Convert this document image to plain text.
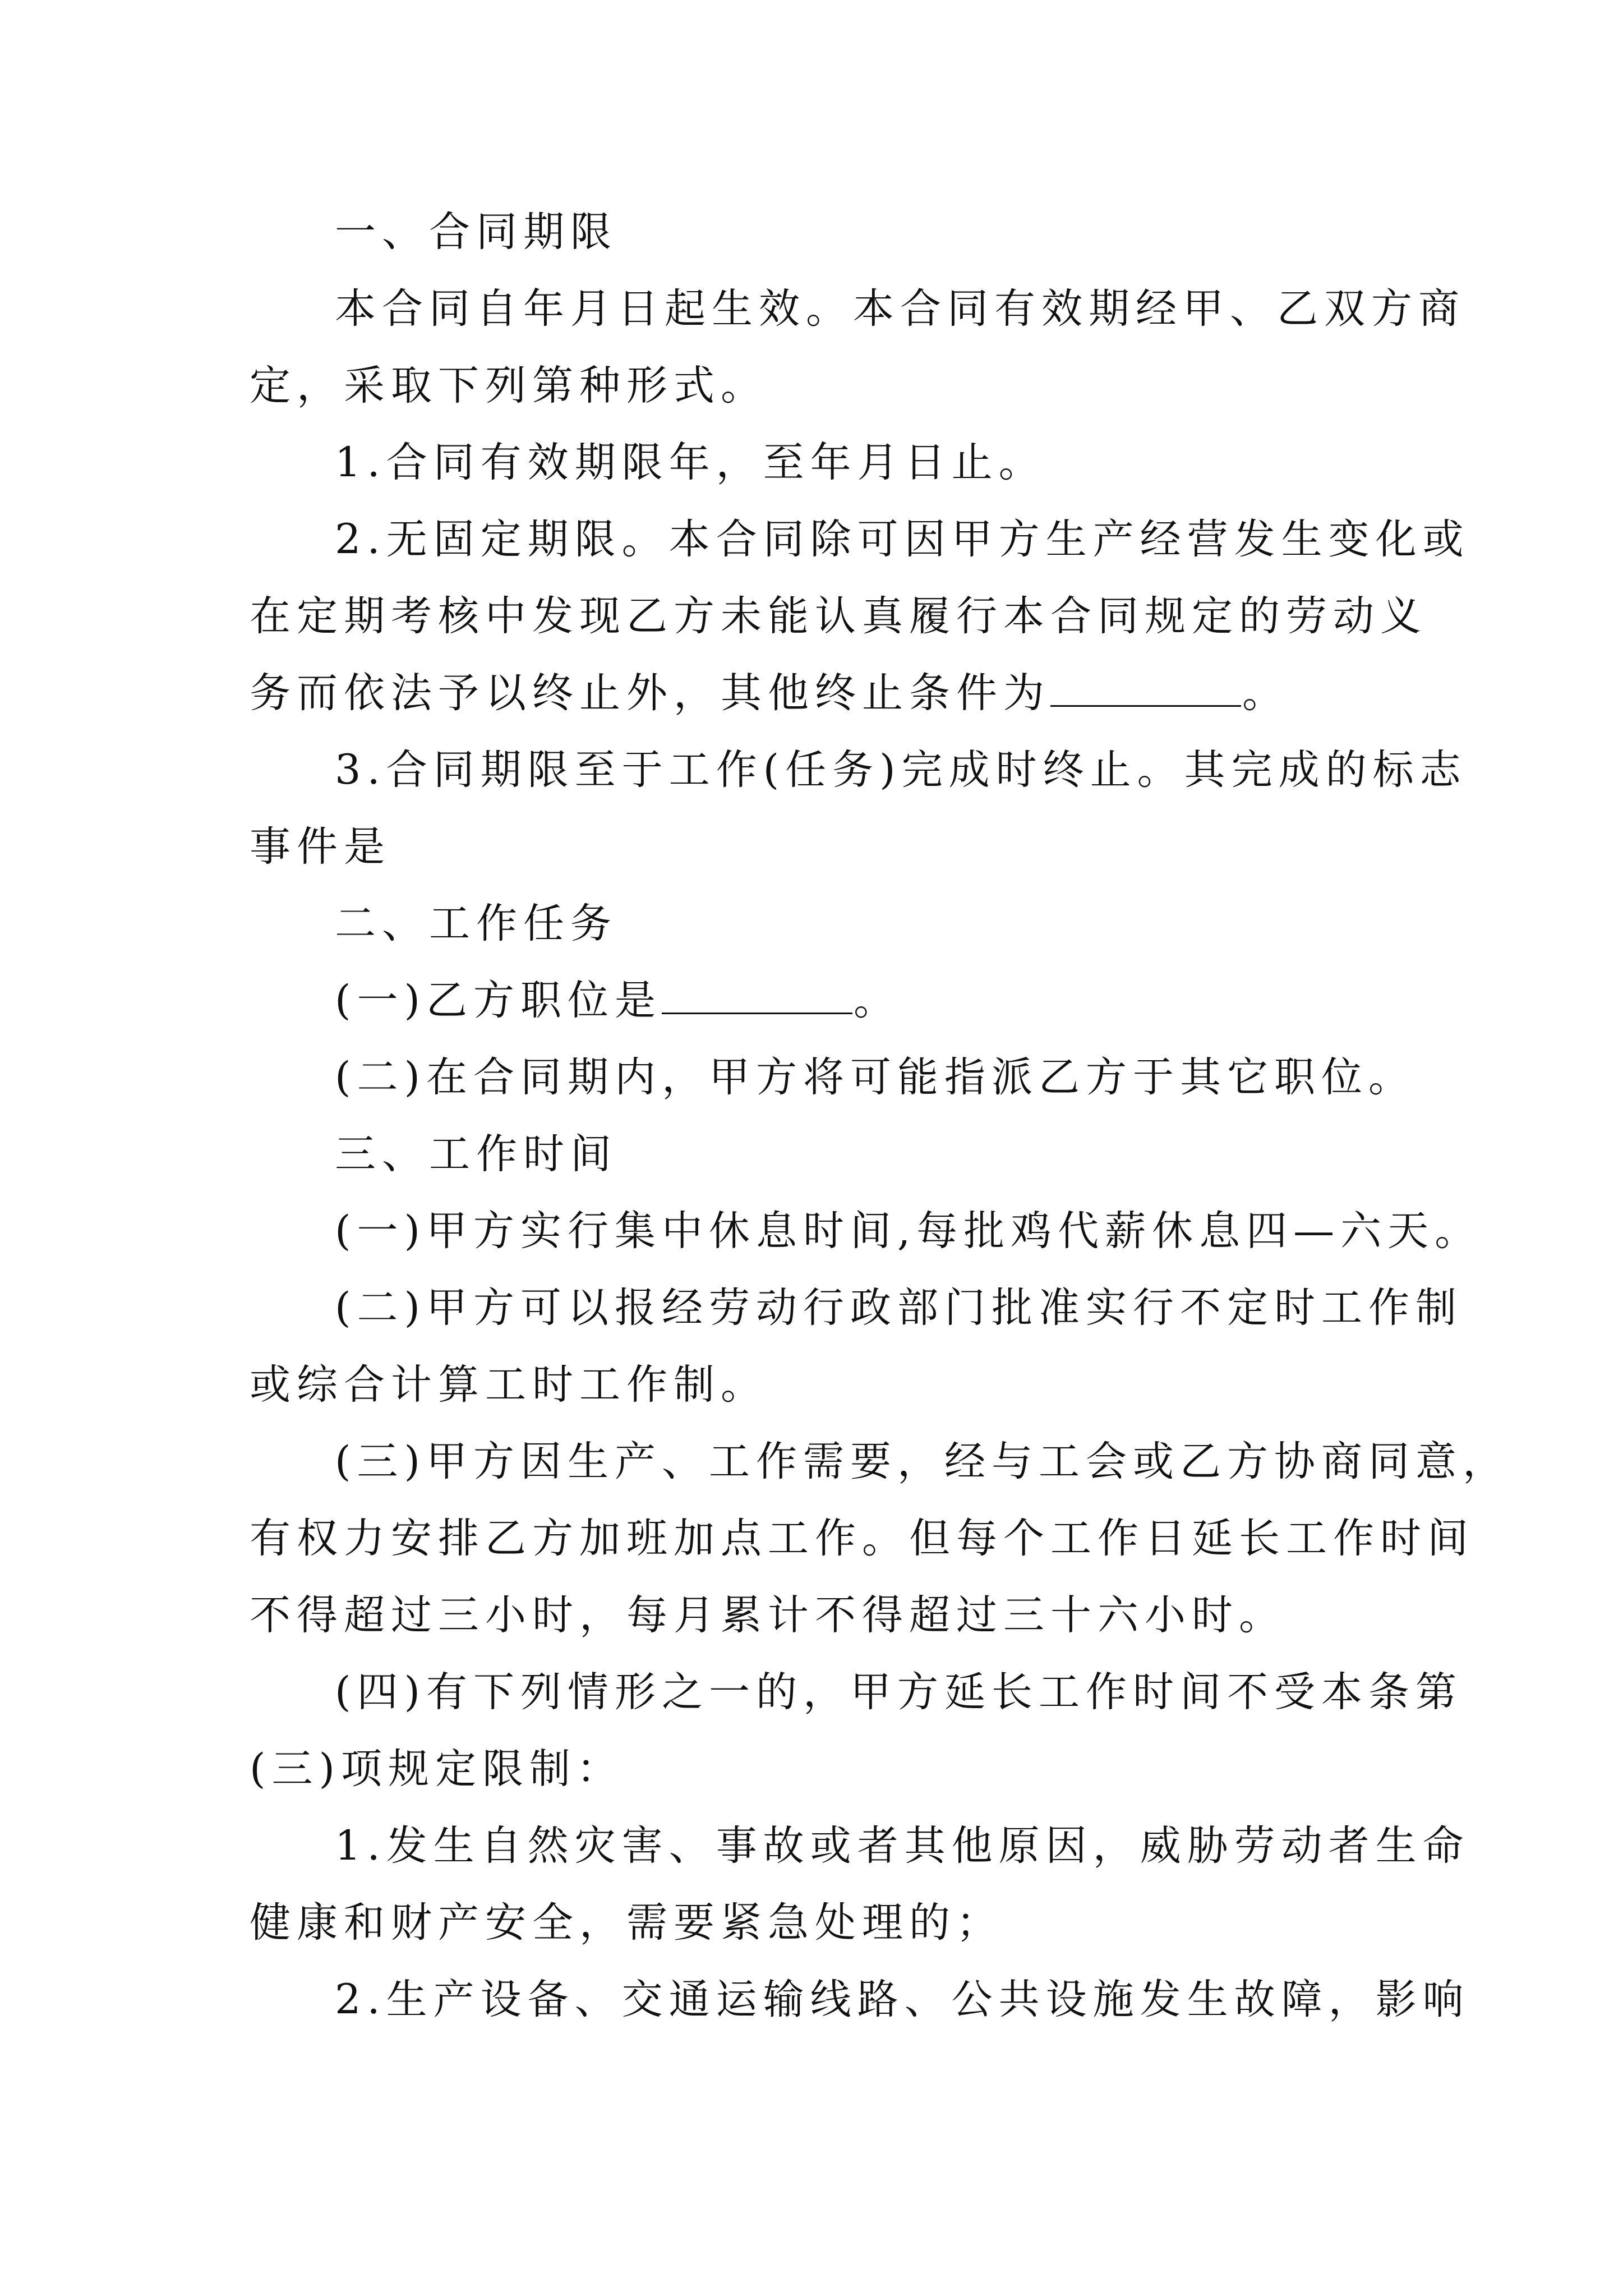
一、合同期限
本合同自年月日起生效。本合同有效期经甲、乙双方商
定，采取下列第种形式。
1.合同有效期限年，至年月日止。
2.无固定期限。本合同除可因甲方生产经营发生变化或
在定期考核中发现乙方未能认真履行本合同规定的劳动义
务而依法予以终止外，其他终止条件为	。
3.合同期限至于工作(任务)完成时终止。其完成的标志
事件是
二、工作任务
(一)乙方职位是	。
(二)在合同期内，甲方将可能指派乙方于其它职位。
三、工作时间
(一)甲方实行集中休息时间,每批鸡代薪休息四—六天。
(二)甲方可以报经劳动行政部门批准实行不定时工作制
或综合计算工时工作制。
(三)甲方因生产、工作需要，经与工会或乙方协商同意，
有权力安排乙方加班加点工作。但每个工作日延长工作时间
不得超过三小时，每月累计不得超过三十六小时。
(四)有下列情形之一的，甲方延长工作时间不受本条第
(三)项规定限制：
1.发生自然灾害、事故或者其他原因，威胁劳动者生命
健康和财产安全，需要紧急处理的；
2.生产设备、交通运输线路、公共设施发生故障，影响
